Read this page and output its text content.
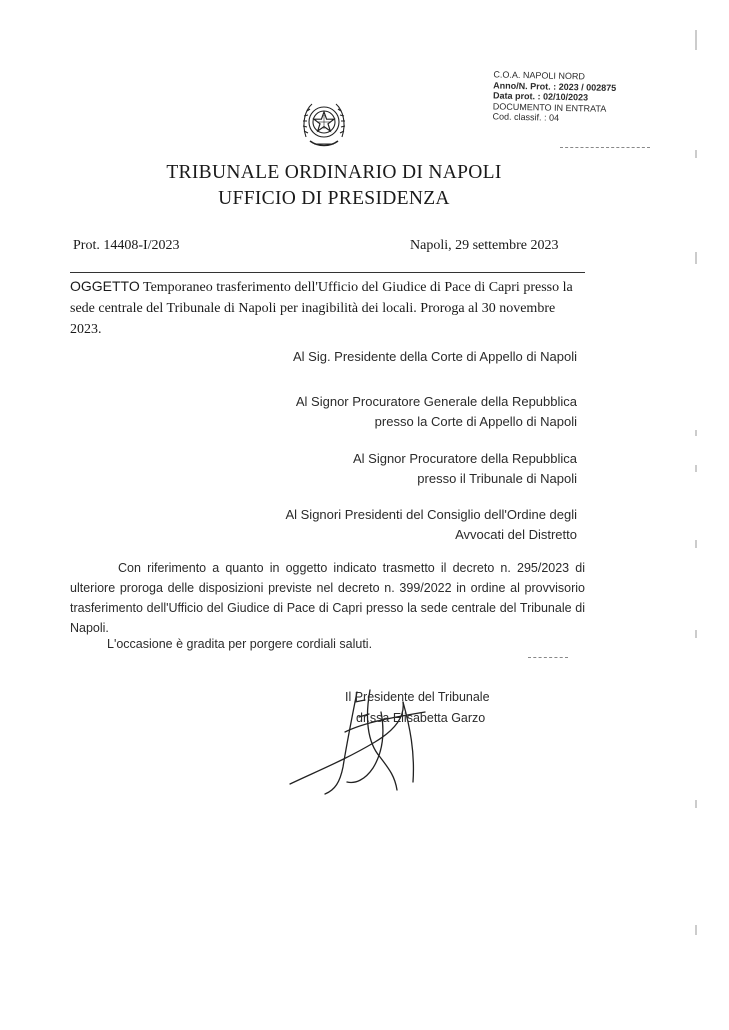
C.O.A. NAPOLI NORD
Anno/N. Prot. : 2023 / 002875
Data prot. : 02/10/2023
DOCUMENTO IN ENTRATA
Cod. classif. : 04
TRIBUNALE ORDINARIO DI NAPOLI
UFFICIO DI PRESIDENZA
Prot. 14408-I/2023	Napoli, 29 settembre 2023
OGGETTO Temporaneo trasferimento dell'Ufficio del Giudice di Pace di Capri presso la sede centrale del Tribunale di Napoli per inagibilità dei locali. Proroga al 30 novembre 2023.
Al Sig. Presidente della Corte di Appello di Napoli
Al Signor Procuratore Generale della Repubblica
presso la Corte di Appello di Napoli
Al Signor Procuratore della Repubblica
presso il Tribunale di Napoli
Al Signori Presidenti del Consiglio dell'Ordine degli
Avvocati del Distretto

Con riferimento a quanto in oggetto indicato trasmetto il decreto n. 295/2023 di ulteriore proroga delle disposizioni previste nel decreto n. 399/2022 in ordine al provvisorio trasferimento dell'Ufficio del Giudice di Pace di Capri presso la sede centrale del Tribunale di Napoli.

L'occasione è gradita per porgere cordiali saluti.
Il Presidente del Tribunale
dr.ssa Elisabetta Garzo
